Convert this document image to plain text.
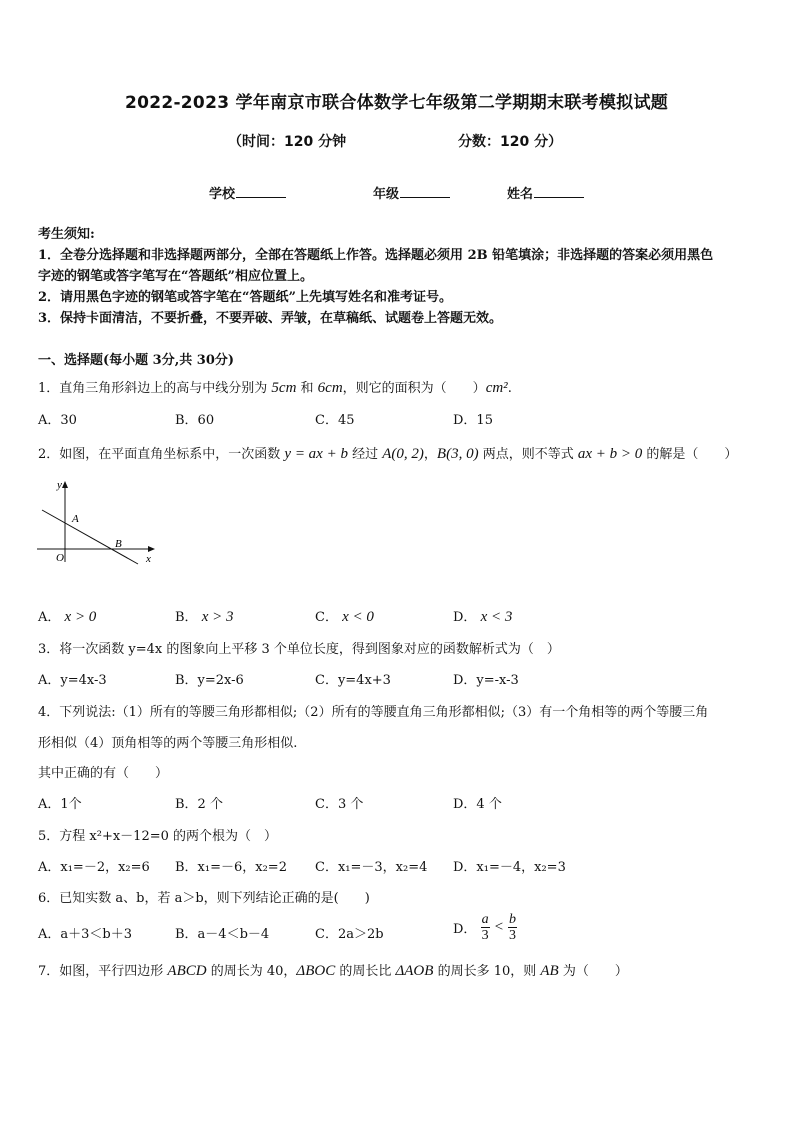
2022-2023 学年南京市联合体数学七年级第二学期期末联考模拟试题
（时间：120 分钟	分数：120 分）
学校	年级	姓名
考生须知:
1．全卷分选择题和非选择题两部分，全部在答题纸上作答。选择题必须用 2B 铅笔填涂；非选择题的答案必须用黑色
字迹的钢笔或答字笔写在“答题纸”相应位置上。
2．请用黑色字迹的钢笔或答字笔在“答题纸”上先填写姓名和准考证号。
3．保持卡面清洁，不要折叠，不要弄破、弄皱，在草稿纸、试题卷上答题无效。
一、选择题(每小题 3分,共 30分)
1．直角三角形斜边上的高与中线分别为 5cm 和 6cm，则它的面积为（　　）cm².
A．30	B．60	C．45	D．15
2．如图，在平面直角坐标系中，一次函数 y = ax + b 经过 A(0, 2)，B(3, 0) 两点，则不等式 ax + b > 0 的解是（　　）
y
x
O
A
B
A． x > 0	B． x > 3	C． x < 0	D． x < 3
3．将一次函数 y=4x 的图象向上平移 3 个单位长度，得到图象对应的函数解析式为（　）
A．y=4x-3	B．y=2x-6	C．y=4x+3	D．y=-x-3
4．下列说法:（1）所有的等腰三角形都相似;（2）所有的等腰直角三角形都相似;（3）有一个角相等的两个等腰三角
形相似（4）顶角相等的两个等腰三角形相似.
其中正确的有（　　）
A．1个	B．2 个	C．3 个	D．4 个
5．方程 x²+x－12=0 的两个根为（　）
A．x₁=－2，x₂=6 B．x₁=－6，x₂=2 C．x₁=－3，x₂=4 D．x₁=－4，x₂=3
6．已知实数 a、b，若 a＞b，则下列结论正确的是(　　)
A．a＋3＜b＋3	B．a－4＜b－4	C．2a＞2b	D． $\frac{a}{3} < \frac{b}{3}$
7．如图，平行四边形 ABCD 的周长为 40，ΔBOC 的周长比 ΔAOB 的周长多 10，则 AB 为（　　）
